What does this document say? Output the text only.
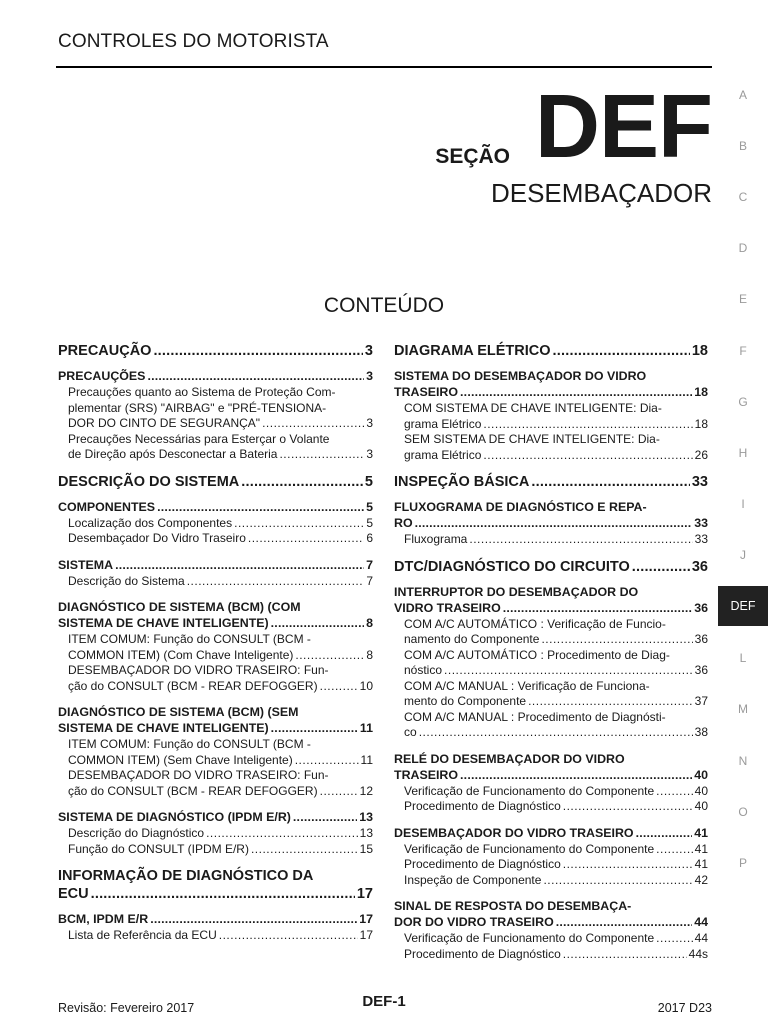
CONTROLES DO MOTORISTA
SEÇÃO DEF
DESEMBAÇADOR
CONTEÚDO
PRECAUÇÃO .....	3
PRECAUÇÕES .....	3
Precauções quanto ao Sistema de Proteção Com-
plementar (SRS) "AIRBAG" e "PRÉ-TENSIONA-
DOR DO CINTO DE SEGURANÇA" .....	3
Precauções Necessárias para Esterçar o Volante
de Direção após Desconectar a Bateria .....	3
DESCRIÇÃO DO SISTEMA .....	5
COMPONENTES .....	5
Localização dos Componentes .....	5
Desembaçador Do Vidro Traseiro .....	6
SISTEMA .....	7
Descrição do Sistema .....	7
DIAGNÓSTICO DE SISTEMA (BCM) (COM
SISTEMA DE CHAVE INTELIGENTE) .....	8
ITEM COMUM: Função do CONSULT (BCM -
COMMON ITEM) (Com Chave Inteligente) .....	8
DESEMBAÇADOR DO VIDRO TRASEIRO: Fun-
ção do CONSULT (BCM - REAR DEFOGGER) .....	10
DIAGNÓSTICO DE SISTEMA (BCM) (SEM
SISTEMA DE CHAVE INTELIGENTE) .....	11
ITEM COMUM: Função do CONSULT (BCM -
COMMON ITEM) (Sem Chave Inteligente) .....	11
DESEMBAÇADOR DO VIDRO TRASEIRO: Fun-
ção do CONSULT (BCM - REAR DEFOGGER) .....	12
SISTEMA DE DIAGNÓSTICO (IPDM E/R) .....	13
Descrição do Diagnóstico .....	13
Função do CONSULT (IPDM E/R) .....	15
INFORMAÇÃO DE DIAGNÓSTICO DA
ECU .....	17
BCM, IPDM E/R .....	17
Lista de Referência da ECU .....	17
DIAGRAMA ELÉTRICO .....	18
SISTEMA DO DESEMBAÇADOR DO VIDRO
TRASEIRO .....	18
COM SISTEMA DE CHAVE INTELIGENTE: Dia-
grama Elétrico .....	18
SEM SISTEMA DE CHAVE INTELIGENTE: Dia-
grama Elétrico .....	26
INSPEÇÃO BÁSICA .....	33
FLUXOGRAMA DE DIAGNÓSTICO E REPA-
RO .....	33
Fluxograma .....	33
DTC/DIAGNÓSTICO DO CIRCUITO .....	36
INTERRUPTOR DO DESEMBAÇADOR DO
VIDRO TRASEIRO .....	36
COM A/C AUTOMÁTICO : Verificação de Funcio-
namento do Componente .....	36
COM A/C AUTOMÁTICO : Procedimento de Diag-
nóstico .....	36
COM A/C MANUAL : Verificação de Funciona-
mento do Componente .....	37
COM A/C MANUAL : Procedimento de Diagnósti-
co .....	38
RELÉ DO DESEMBAÇADOR DO VIDRO
TRASEIRO .....	40
Verificação de Funcionamento do Componente .....	40
Procedimento de Diagnóstico .....	40
DESEMBAÇADOR DO VIDRO TRASEIRO .....	41
Verificação de Funcionamento do Componente .....	41
Procedimento de Diagnóstico .....	41
Inspeção de Componente .....	42
SINAL DE RESPOSTA DO DESEMBAÇA-
DOR DO VIDRO TRASEIRO .....	44
Verificação de Funcionamento do Componente .....	44
Procedimento de Diagnóstico .....	44s
A
B
C
D
E
F
G
H
I
J
DEF
L
M
N
O
P
Revisão: Fevereiro 2017	DEF-1	2017 D23
